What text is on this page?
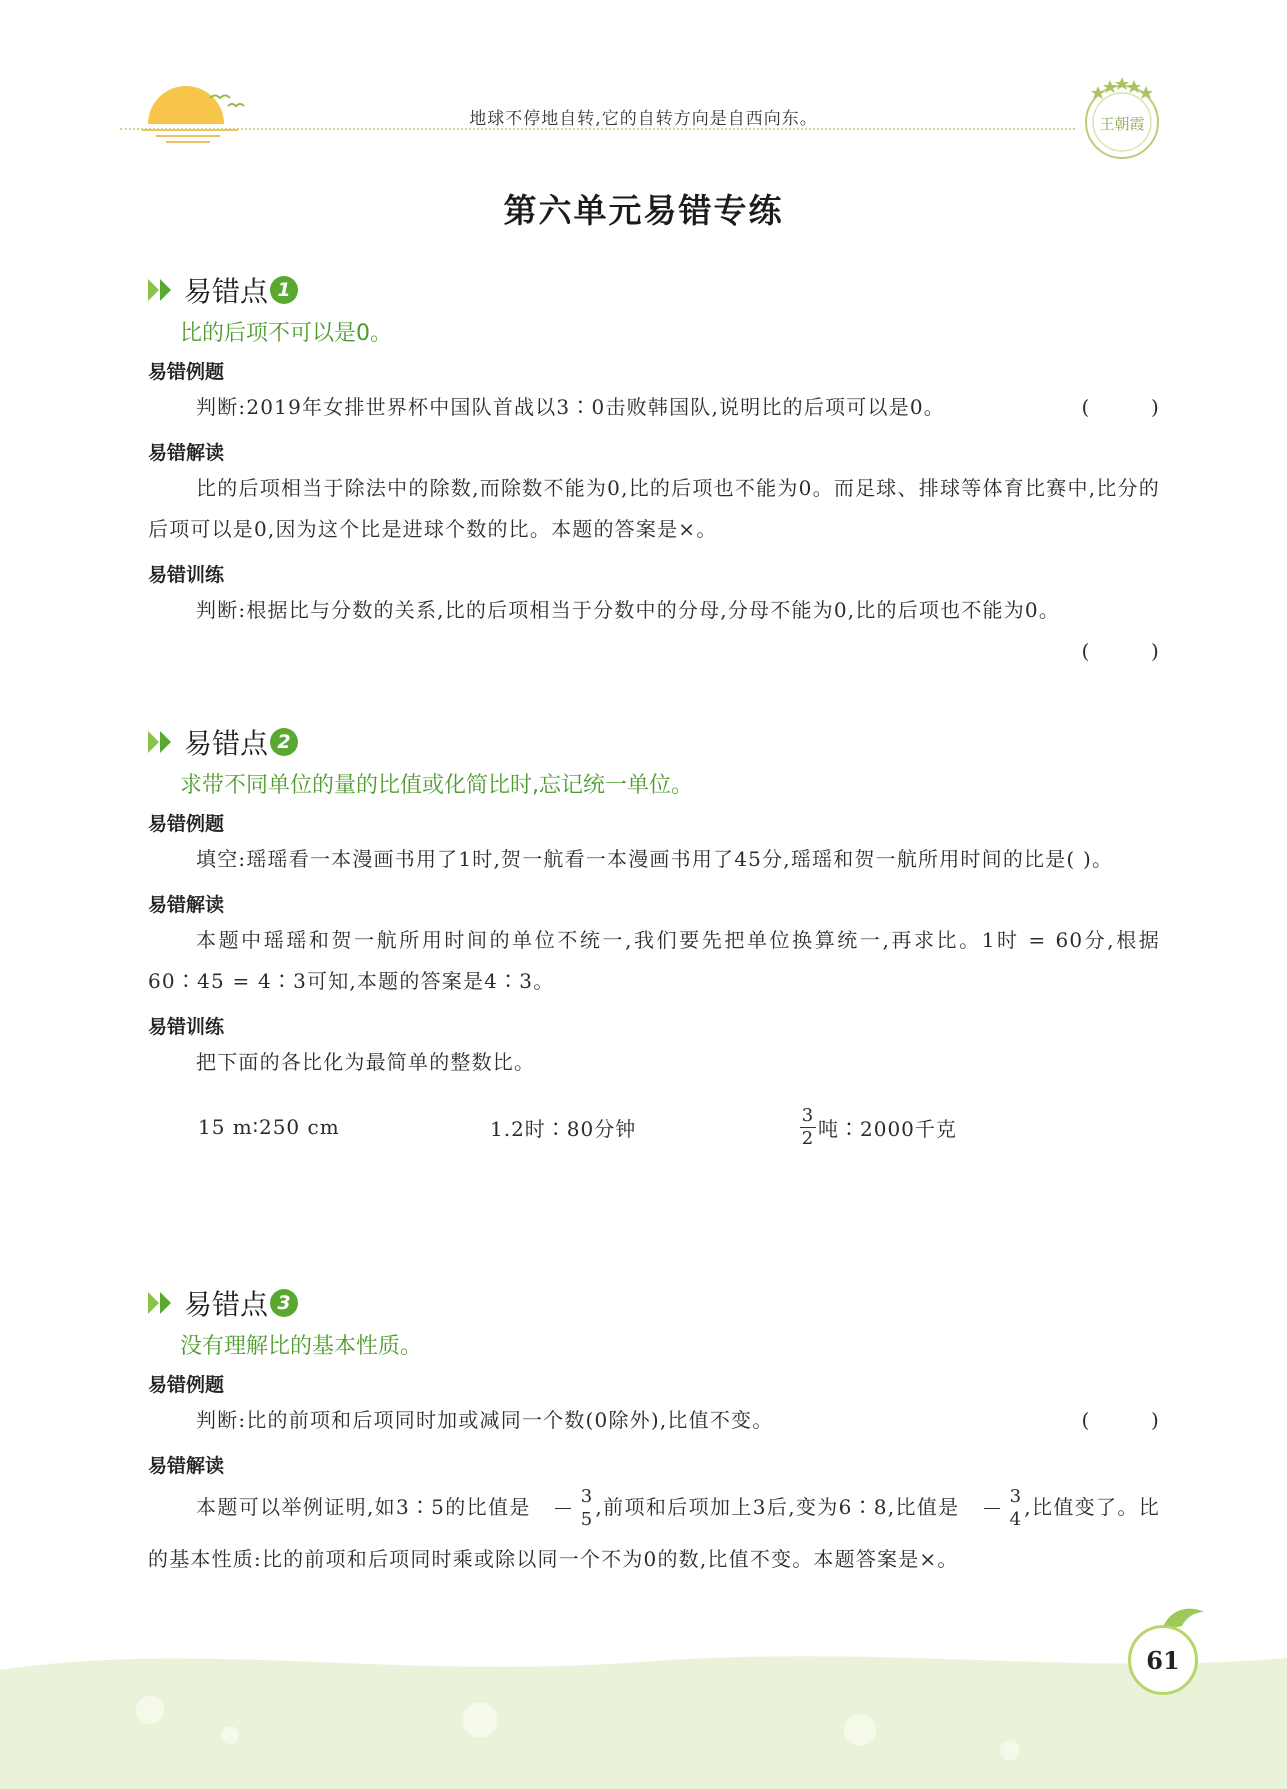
地球不停地自转,它的自转方向是自西向东。	王朝霞
第六单元易错专练
易错点 1
比的后项不可以是0。
易错例题
判断:2019年女排世界杯中国队首战以3∶0击败韩国队,说明比的后项可以是0。	(        )
易错解读
比的后项相当于除法中的除数,而除数不能为0,比的后项也不能为0。而足球、排球等体育比赛中,比分的后项可以是0,因为这个比是进球个数的比。本题的答案是×。
易错训练
判断:根据比与分数的关系,比的后项相当于分数中的分母,分母不能为0,比的后项也不能为0。
(        )
易错点 2
求带不同单位的量的比值或化简比时,忘记统一单位。
易错例题
填空:瑶瑶看一本漫画书用了1时,贺一航看一本漫画书用了45分,瑶瑶和贺一航所用时间的比是( )。
易错解读
本题中瑶瑶和贺一航所用时间的单位不统一,我们要先把单位换算统一,再求比。1时 = 60分,根据60∶45 = 4∶3可知,本题的答案是4∶3。
易错训练
把下面的各比化为最简单的整数比。
15 m∶250 cm	1.2时∶80分钟	$\frac{3}{2}$ 吨∶2000千克
易错点 3
没有理解比的基本性质。
易错例题
判断:比的前项和后项同时加或减同一个数(0除外),比值不变。	(        )
易错解读
本题可以举例证明,如3∶5的比值是 $\frac{3}{5}$ ,前项和后项加上3后,变为6∶8,比值是 $\frac{3}{4}$ ,比值变了。比的基本性质:比的前项和后项同时乘或除以同一个不为0的数,比值不变。本题答案是×。
61
